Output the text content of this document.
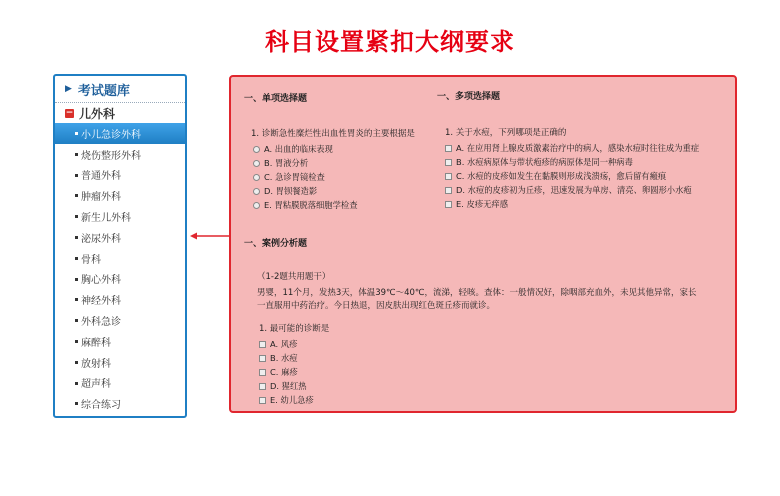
科目设置紧扣大纲要求
▶ 考试题库
− 儿外科
小儿急诊外科
烧伤整形外科
普通外科
肿瘤外科
新生儿外科
泌尿外科
骨科
胸心外科
神经外科
外科急诊
麻醉科
放射科
超声科
综合练习
一、单项选择题
1. 诊断急性糜烂性出血性胃炎的主要根据是
A. 出血的临床表现
B. 胃液分析
C. 急诊胃镜检查
D. 胃钡餐造影
E. 胃粘膜脱落细胞学检查
一、多项选择题
1. 关于水痘，下列哪项是正确的
A. 在应用肾上腺皮质激素治疗中的病人，感染水痘时往往成为重症
B. 水痘病原体与带状疱疹的病原体是同一种病毒
C. 水痘的皮疹如发生在黏膜则形成浅溃疡，愈后留有瘢痕
D. 水痘的皮疹初为丘疹，迅速发展为单房、清亮、卵圆形小水疱
E. 皮疹无痒感
一、案例分析题
（1-2题共用题干）
男婴，11个月，发热3天，体温39℃～40℃，流涕，轻咳。查体：一般情况好，除咽部充血外，未见其他异常，家长
一直服用中药治疗。今日热退，因皮肤出现红色斑丘疹而就诊。
1. 最可能的诊断是
A. 风疹
B. 水痘
C. 麻疹
D. 猩红热
E. 幼儿急疹
